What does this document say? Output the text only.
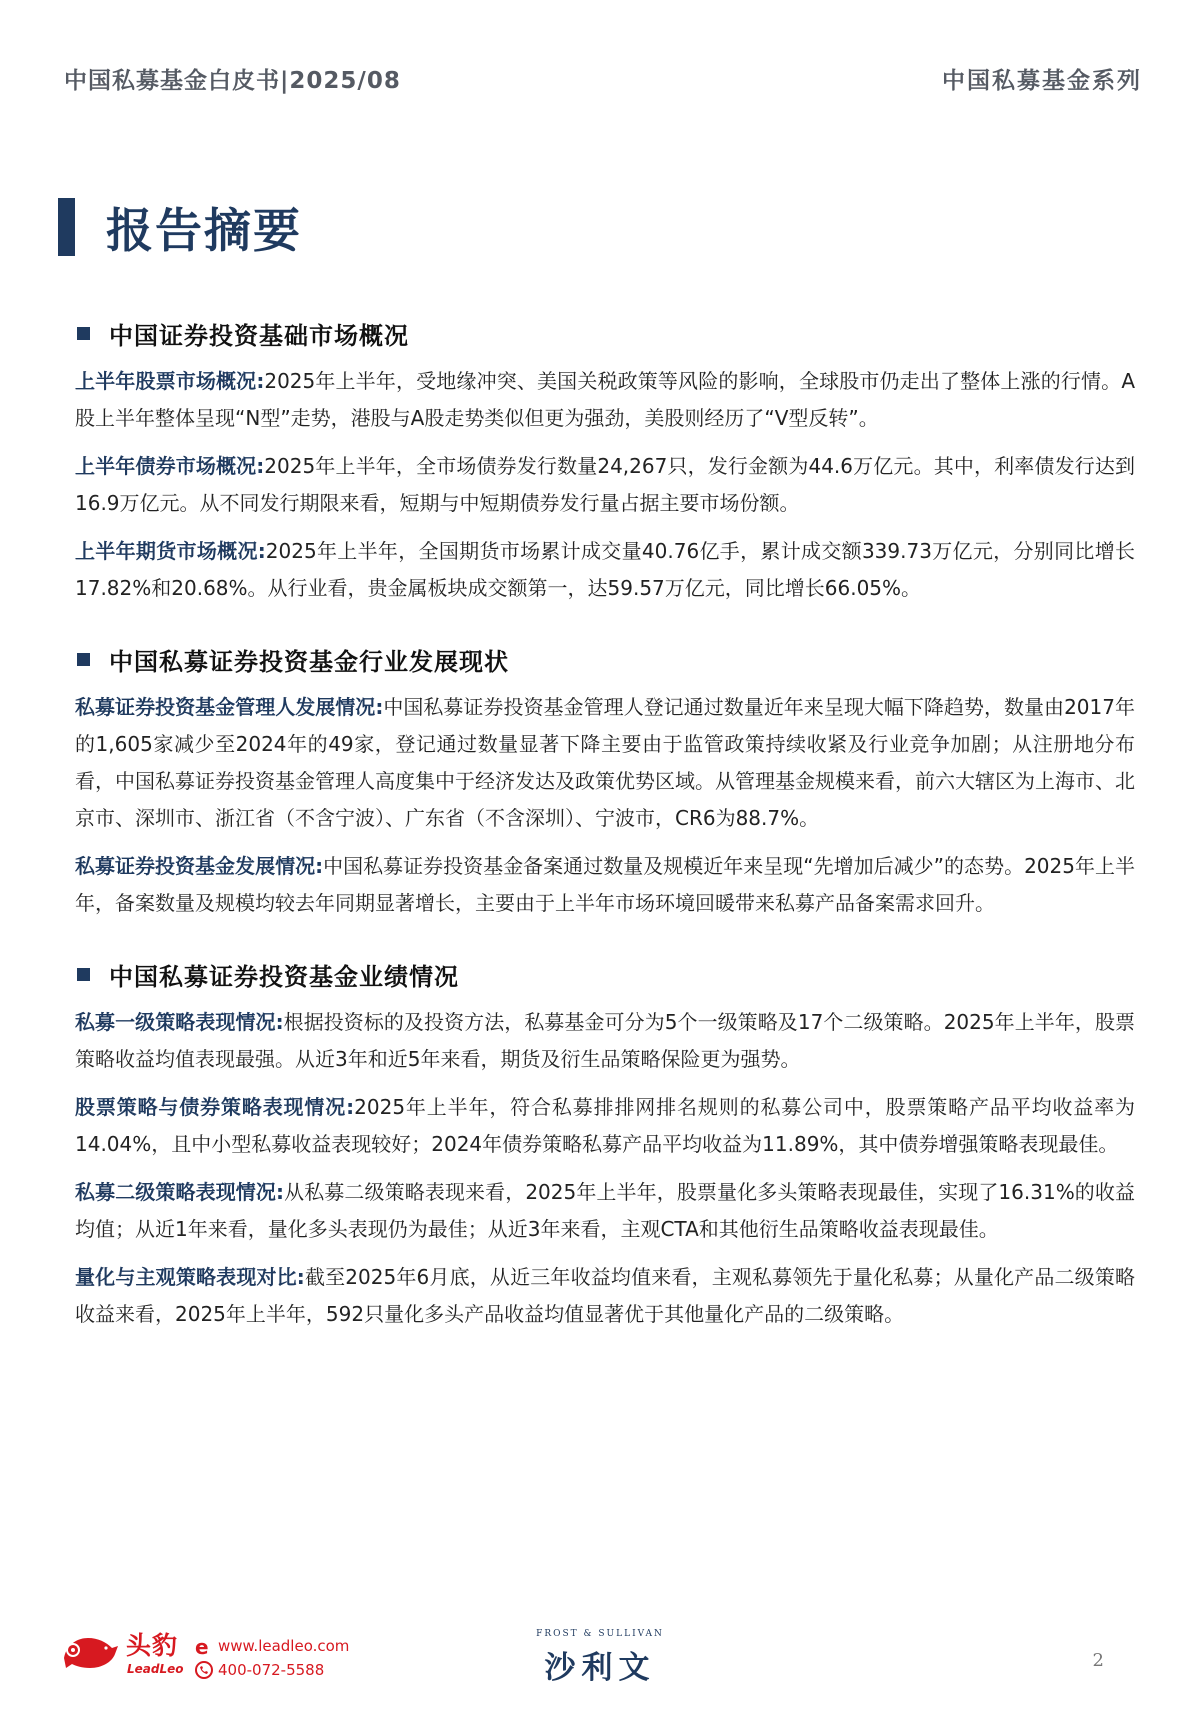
中国私募基金白皮书|2025/08	中国私募基金系列
报告摘要
中国证券投资基础市场概况

上半年股票市场概况:2025年上半年，受地缘冲突、美国关税政策等风险的影响，全球股市仍走出了整体上涨的行情。A股上半年整体呈现“N型”走势，港股与A股走势类似但更为强劲，美股则经历了“V型反转”。

上半年债券市场概况:2025年上半年，全市场债券发行数量24,267只，发行金额为44.6万亿元。其中，利率债发行达到16.9万亿元。从不同发行期限来看，短期与中短期债券发行量占据主要市场份额。

上半年期货市场概况:2025年上半年，全国期货市场累计成交量40.76亿手，累计成交额339.73万亿元，分别同比增长17.82%和20.68%。从行业看，贵金属板块成交额第一，达59.57万亿元，同比增长66.05%。

中国私募证券投资基金行业发展现状

私募证券投资基金管理人发展情况:中国私募证券投资基金管理人登记通过数量近年来呈现大幅下降趋势，数量由2017年的1,605家减少至2024年的49家，登记通过数量显著下降主要由于监管政策持续收紧及行业竞争加剧；从注册地分布看，中国私募证券投资基金管理人高度集中于经济发达及政策优势区域。从管理基金规模来看，前六大辖区为上海市、北京市、深圳市、浙江省（不含宁波）、广东省（不含深圳）、宁波市，CR6为88.7%。

私募证券投资基金发展情况:中国私募证券投资基金备案通过数量及规模近年来呈现“先增加后减少”的态势。2025年上半年，备案数量及规模均较去年同期显著增长，主要由于上半年市场环境回暖带来私募产品备案需求回升。

中国私募证券投资基金业绩情况

私募一级策略表现情况:根据投资标的及投资方法，私募基金可分为5个一级策略及17个二级策略。2025年上半年，股票策略收益均值表现最强。从近3年和近5年来看，期货及衍生品策略保险更为强势。

股票策略与债券策略表现情况:2025年上半年，符合私募排排网排名规则的私募公司中，股票策略产品平均收益率为14.04%，且中小型私募收益表现较好；2024年债券策略私募产品平均收益为11.89%，其中债券增强策略表现最佳。

私募二级策略表现情况:从私募二级策略表现来看，2025年上半年，股票量化多头策略表现最佳，实现了16.31%的收益均值；从近1年来看，量化多头表现仍为最佳；从近3年来看，主观CTA和其他衍生品策略收益表现最佳。

量化与主观策略表现对比:截至2025年6月底，从近三年收益均值来看，主观私募领先于量化私募；从量化产品二级策略收益来看，2025年上半年，592只量化多头产品收益均值显著优于其他量化产品的二级策略。

头豹
LeadLeo
e www.leadleo.com
400-072-5588
FROST & SULLIVAN
沙利文	2
